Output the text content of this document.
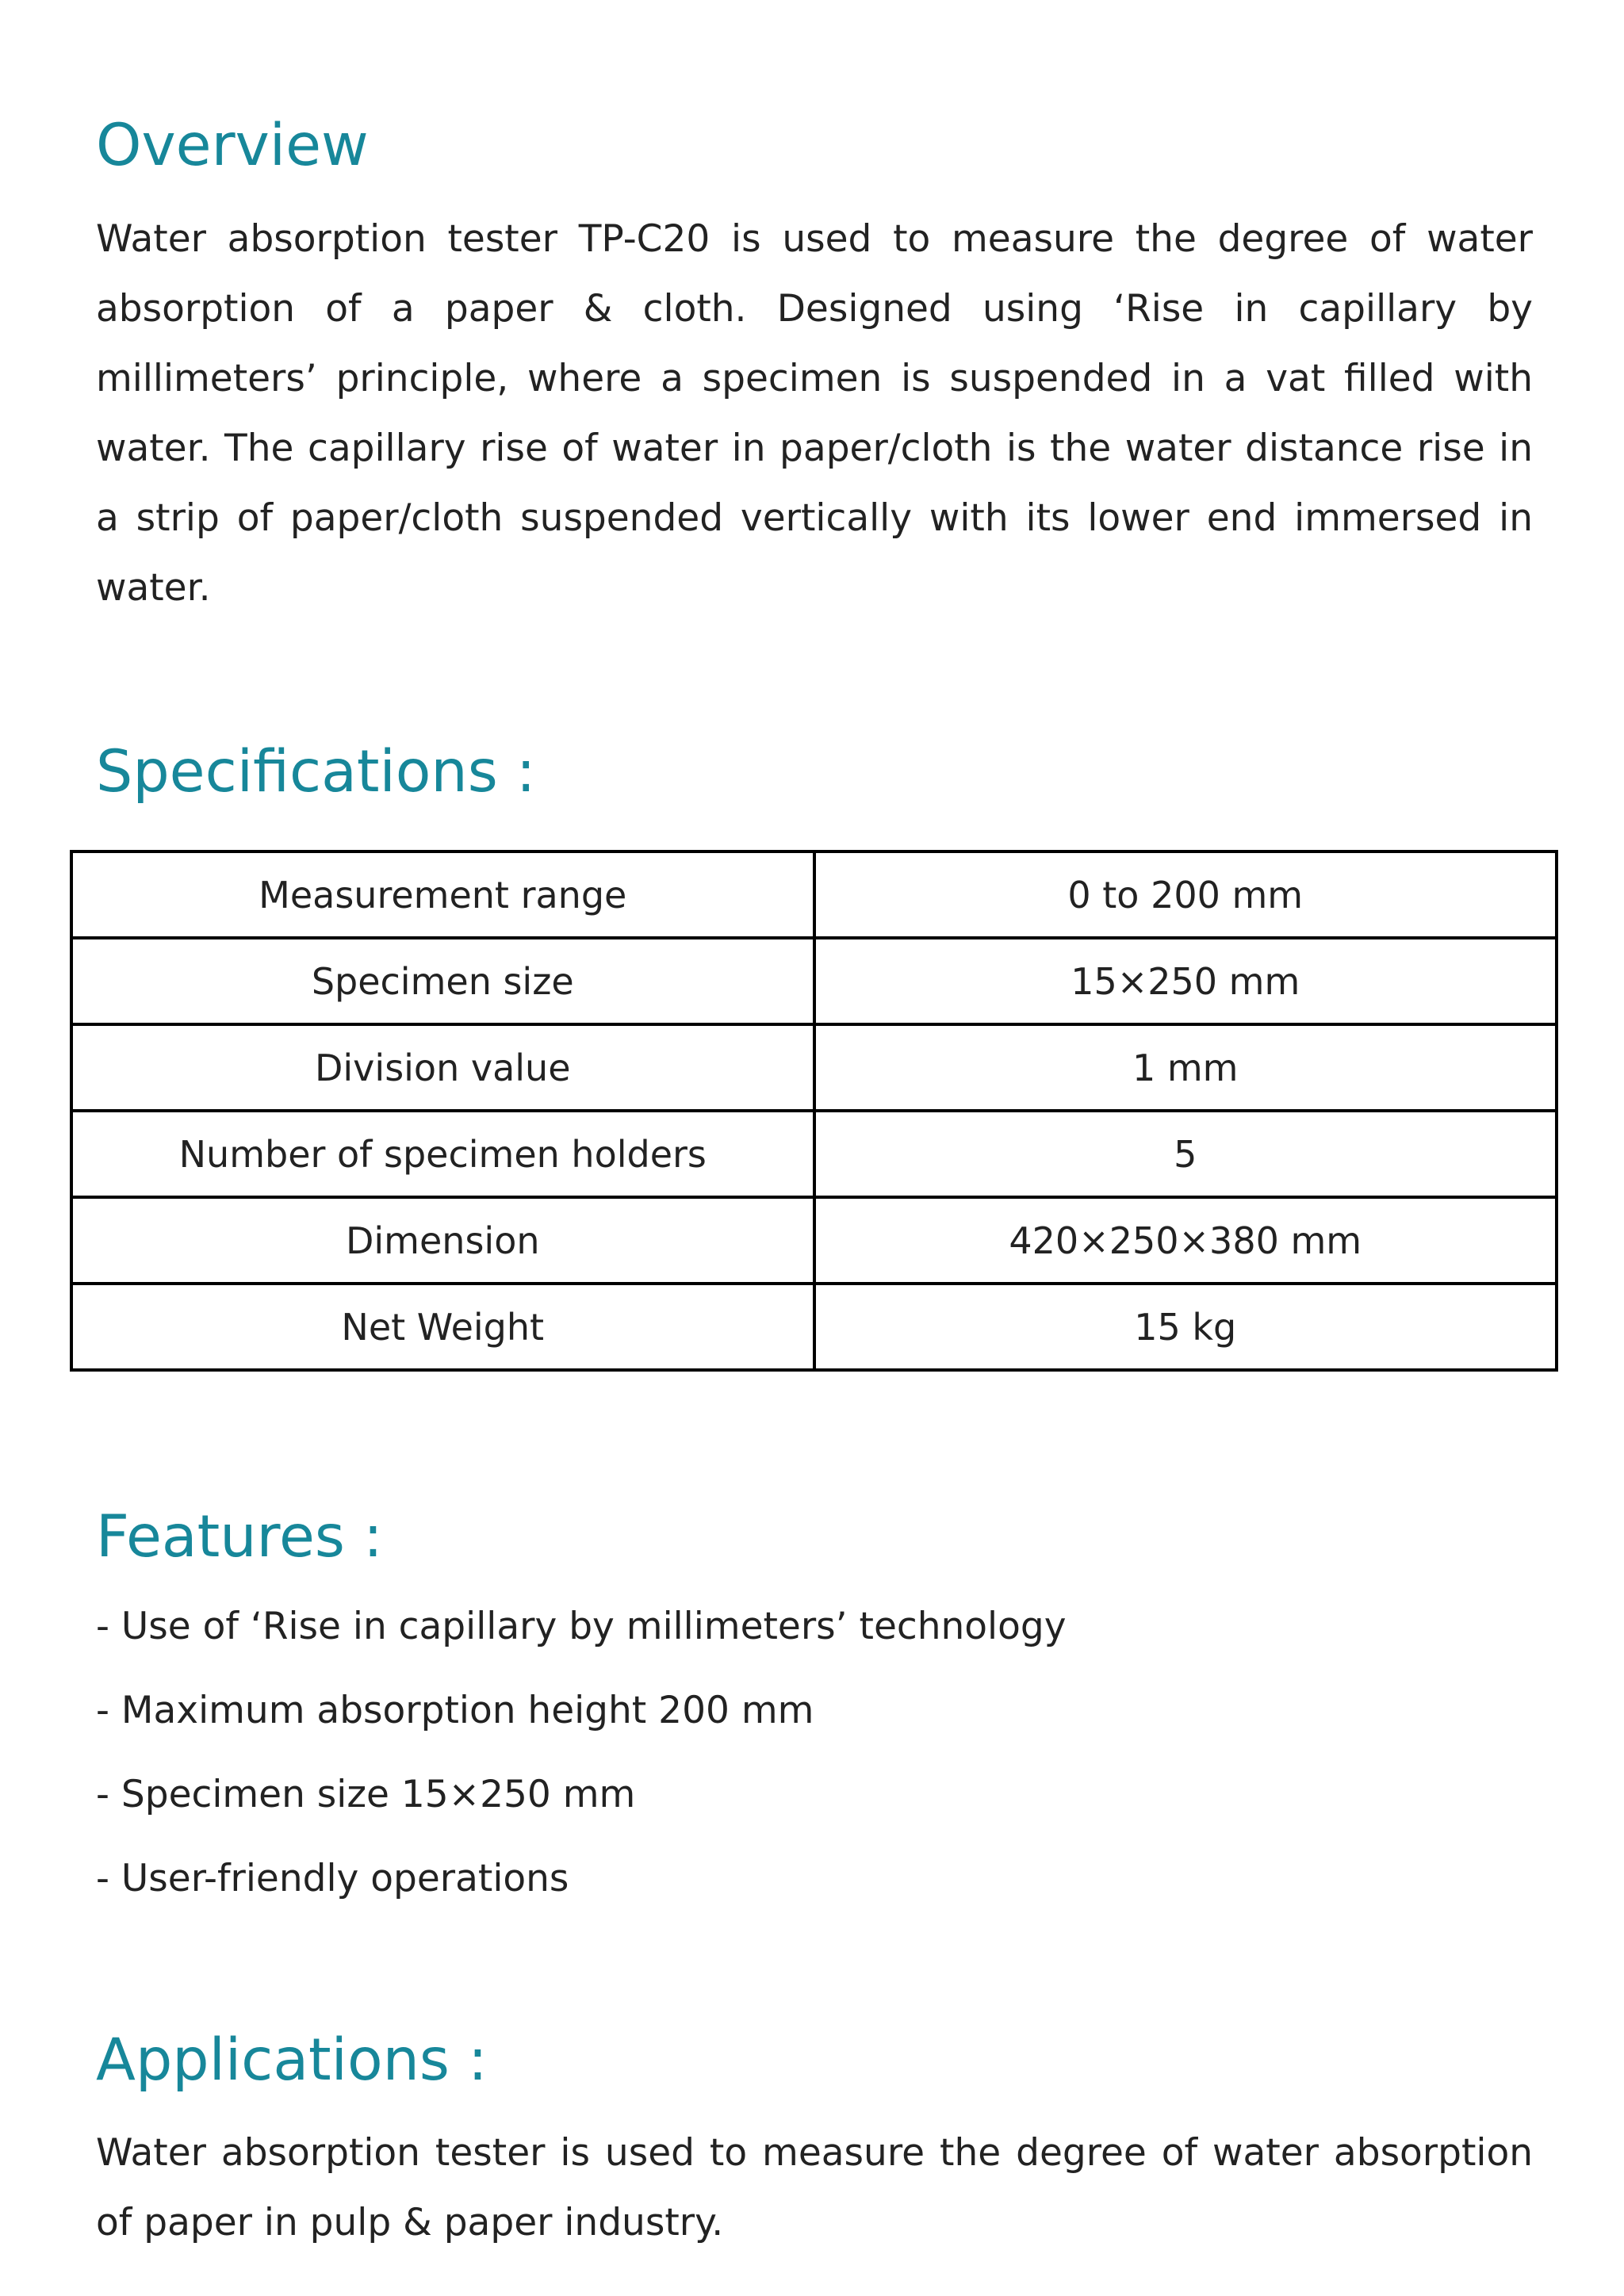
Overview

Water absorption tester TP-C20 is used to measure the degree of water absorption of a paper & cloth. Designed using ‘Rise in capillary by millimeters’ principle, where a specimen is suspended in a vat filled with water. The capillary rise of water in paper/cloth is the water distance rise in a strip of paper/cloth suspended vertically with its lower end immersed in water.

Specifications :
Measurement range	0 to 200 mm
Specimen size	15×250 mm
Division value	1 mm
Number of specimen holders	5
Dimension	420×250×380 mm
Net Weight	15 kg
Features :
- Use of ‘Rise in capillary by millimeters’ technology
- Maximum absorption height 200 mm
- Specimen size 15×250 mm
- User-friendly operations
Applications :

Water absorption tester is used to measure the degree of water absorption of paper in pulp & paper industry.
